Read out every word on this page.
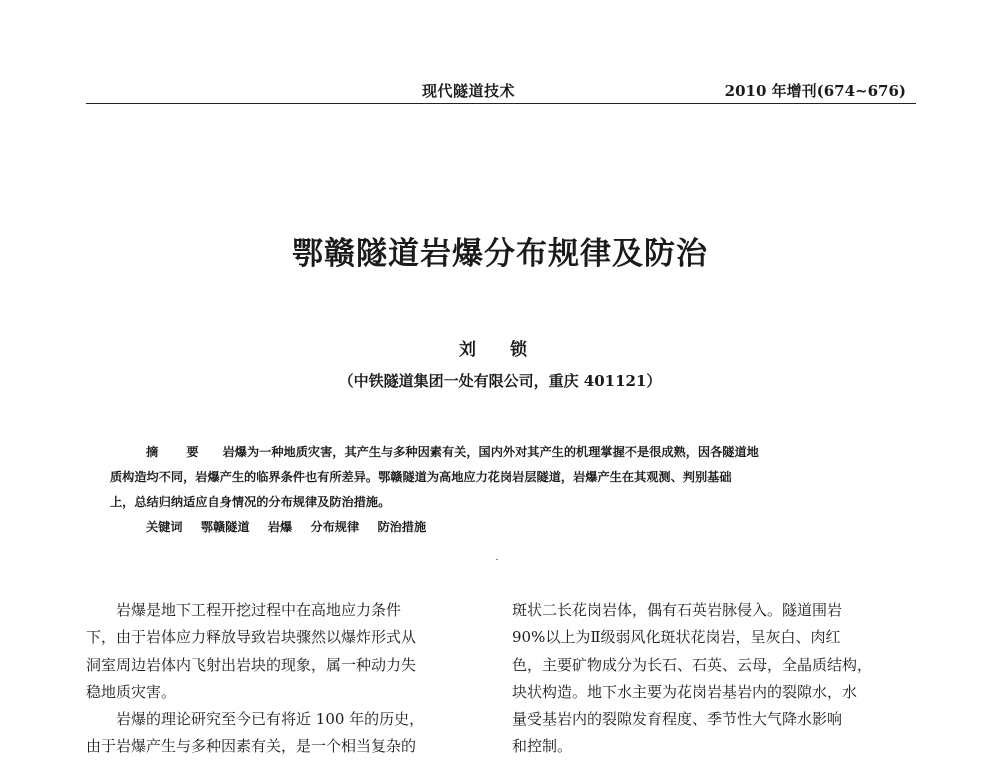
现代隧道技术	2010 年增刊(674~676)
鄂赣隧道岩爆分布规律及防治
刘 锁
（中铁隧道集团一处有限公司，重庆 401121）
摘 要 岩爆为一种地质灾害，其产生与多种因素有关，国内外对其产生的机理掌握不是很成熟，因各隧道地
质构造均不同，岩爆产生的临界条件也有所差异。鄂赣隧道为高地应力花岗岩层隧道，岩爆产生在其观测、判别基础
上，总结归纳适应自身情况的分布规律及防治措施。
关键词 鄂赣隧道 岩爆 分布规律 防治措施
岩爆是地下工程开挖过程中在高地应力条件
下，由于岩体应力释放导致岩块骤然以爆炸形式从
洞室周边岩体内飞射出岩块的现象，属一种动力失
稳地质灾害。
岩爆的理论研究至今已有将近 100 年的历史，
由于岩爆产生与多种因素有关，是一个相当复杂的
斑状二长花岗岩体，偶有石英岩脉侵入。隧道围岩
90%以上为Ⅱ级弱风化斑状花岗岩，呈灰白、肉红
色，主要矿物成分为长石、石英、云母，全晶质结构，
块状构造。地下水主要为花岗岩基岩内的裂隙水，水
量受基岩内的裂隙发育程度、季节性大气降水影响
和控制。
